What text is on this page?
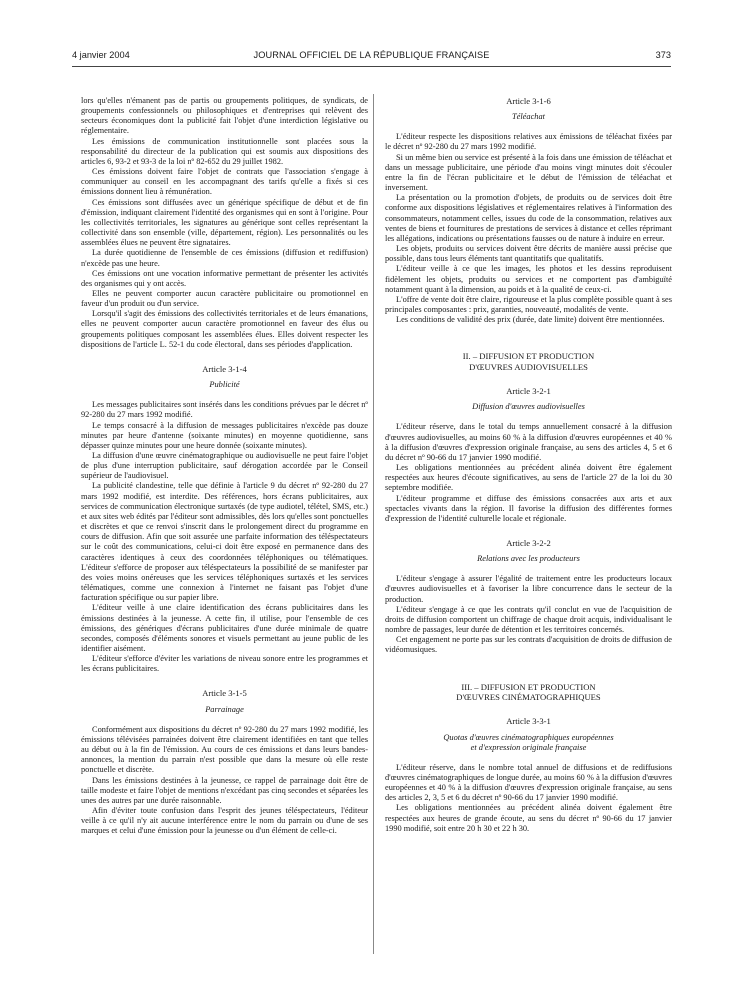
4 janvier 2004	JOURNAL OFFICIEL DE LA RÉPUBLIQUE FRANÇAISE	373

lors qu'elles n'émanent pas de partis ou groupements politiques, de syndicats, de groupements confessionnels ou philosophiques et d'entreprises qui relèvent des secteurs économiques dont la publicité fait l'objet d'une interdiction législative ou réglementaire.

Les émissions de communication institutionnelle sont placées sous la responsabilité du directeur de la publication qui est soumis aux dispositions des articles 6, 93-2 et 93-3 de la loi nº 82-652 du 29 juillet 1982.

Ces émissions doivent faire l'objet de contrats que l'association s'engage à communiquer au conseil en les accompagnant des tarifs qu'elle a fixés si ces émissions donnent lieu à rémunération.

Ces émissions sont diffusées avec un générique spécifique de début et de fin d'émission, indiquant clairement l'identité des organismes qui en sont à l'origine. Pour les collectivités territoriales, les signatures au générique sont celles représentant la collectivité dans son ensemble (ville, département, région). Les personnalités ou les assemblées élues ne peuvent être signataires.

La durée quotidienne de l'ensemble de ces émissions (diffusion et rediffusion) n'excède pas une heure.

Ces émissions ont une vocation informative permettant de présenter les activités des organismes qui y ont accès.

Elles ne peuvent comporter aucun caractère publicitaire ou promotionnel en faveur d'un produit ou d'un service.

Lorsqu'il s'agit des émissions des collectivités territoriales et de leurs émanations, elles ne peuvent comporter aucun caractère promotionnel en faveur des élus ou groupements politiques composant les assemblées élues. Elles doivent respecter les dispositions de l'article L. 52-1 du code électoral, dans ses périodes d'application.

Article 3-1-4
Publicité

Les messages publicitaires sont insérés dans les conditions prévues par le décret nº 92-280 du 27 mars 1992 modifié.

Le temps consacré à la diffusion de messages publicitaires n'excède pas douze minutes par heure d'antenne (soixante minutes) en moyenne quotidienne, sans dépasser quinze minutes pour une heure donnée (soixante minutes).

La diffusion d'une œuvre cinématographique ou audiovisuelle ne peut faire l'objet de plus d'une interruption publicitaire, sauf dérogation accordée par le Conseil supérieur de l'audiovisuel.

La publicité clandestine, telle que définie à l'article 9 du décret nº 92-280 du 27 mars 1992 modifié, est interdite. Des références, hors écrans publicitaires, aux services de communication électronique surtaxés (de type audiotel, télétel, SMS, etc.) et aux sites web édités par l'éditeur sont admissibles, dès lors qu'elles sont ponctuelles et discrètes et que ce renvoi s'inscrit dans le prolongement direct du programme en cours de diffusion. Afin que soit assurée une parfaite information des téléspectateurs sur le coût des communications, celui-ci doit être exposé en permanence dans des caractères identiques à ceux des coordonnées téléphoniques ou télématiques. L'éditeur s'efforce de proposer aux téléspectateurs la possibilité de se manifester par des voies moins onéreuses que les services téléphoniques surtaxés et les services télématiques, comme une connexion à l'internet ne faisant pas l'objet d'une facturation spécifique ou sur papier libre.

L'éditeur veille à une claire identification des écrans publicitaires dans les émissions destinées à la jeunesse. A cette fin, il utilise, pour l'ensemble de ces émissions, des génériques d'écrans publicitaires d'une durée minimale de quatre secondes, composés d'éléments sonores et visuels permettant au jeune public de les identifier aisément.

L'éditeur s'efforce d'éviter les variations de niveau sonore entre les programmes et les écrans publicitaires.

Article 3-1-5
Parrainage

Conformément aux dispositions du décret nº 92-280 du 27 mars 1992 modifié, les émissions télévisées parrainées doivent être clairement identifiées en tant que telles au début ou à la fin de l'émission. Au cours de ces émissions et dans leurs bandes-annonces, la mention du parrain n'est possible que dans la mesure où elle reste ponctuelle et discrète.

Dans les émissions destinées à la jeunesse, ce rappel de parrainage doit être de taille modeste et faire l'objet de mentions n'excédant pas cinq secondes et séparées les unes des autres par une durée raisonnable.

Afin d'éviter toute confusion dans l'esprit des jeunes téléspectateurs, l'éditeur veille à ce qu'il n'y ait aucune interférence entre le nom du parrain ou d'une de ses marques et celui d'une émission pour la jeunesse ou d'un élément de celle-ci.

Article 3-1-6
Téléachat

L'éditeur respecte les dispositions relatives aux émissions de téléachat fixées par le décret nº 92-280 du 27 mars 1992 modifié.

Si un même bien ou service est présenté à la fois dans une émission de téléachat et dans un message publicitaire, une période d'au moins vingt minutes doit s'écouler entre la fin de l'écran publicitaire et le début de l'émission de téléachat et inversement.

La présentation ou la promotion d'objets, de produits ou de services doit être conforme aux dispositions législatives et réglementaires relatives à l'information des consommateurs, notamment celles, issues du code de la consommation, relatives aux ventes de biens et fournitures de prestations de services à distance et celles réprimant les allégations, indications ou présentations fausses ou de nature à induire en erreur.

Les objets, produits ou services doivent être décrits de manière aussi précise que possible, dans tous leurs éléments tant quantitatifs que qualitatifs.

L'éditeur veille à ce que les images, les photos et les dessins reproduisent fidèlement les objets, produits ou services et ne comportent pas d'ambiguïté notamment quant à la dimension, au poids et à la qualité de ceux-ci.

L'offre de vente doit être claire, rigoureuse et la plus complète possible quant à ses principales composantes : prix, garanties, nouveauté, modalités de vente.

Les conditions de validité des prix (durée, date limite) doivent être mentionnées.

II. – DIFFUSION ET PRODUCTION
D'ŒUVRES AUDIOVISUELLES
Article 3-2-1
Diffusion d'œuvres audiovisuelles

L'éditeur réserve, dans le total du temps annuellement consacré à la diffusion d'œuvres audiovisuelles, au moins 60 % à la diffusion d'œuvres européennes et 40 % à la diffusion d'œuvres d'expression originale française, au sens des articles 4, 5 et 6 du décret nº 90-66 du 17 janvier 1990 modifié.

Les obligations mentionnées au précédent alinéa doivent être également respectées aux heures d'écoute significatives, au sens de l'article 27 de la loi du 30 septembre modifiée.

L'éditeur programme et diffuse des émissions consacrées aux arts et aux spectacles vivants dans la région. Il favorise la diffusion des différentes formes d'expression de l'identité culturelle locale et régionale.

Article 3-2-2
Relations avec les producteurs

L'éditeur s'engage à assurer l'égalité de traitement entre les producteurs locaux d'œuvres audiovisuelles et à favoriser la libre concurrence dans le secteur de la production.

L'éditeur s'engage à ce que les contrats qu'il conclut en vue de l'acquisition de droits de diffusion comportent un chiffrage de chaque droit acquis, individualisant le nombre de passages, leur durée de détention et les territoires concernés.

Cet engagement ne porte pas sur les contrats d'acquisition de droits de diffusion de vidéomusiques.

III. – DIFFUSION ET PRODUCTION
D'ŒUVRES CINÉMATOGRAPHIQUES
Article 3-3-1
Quotas d'œuvres cinématographiques européennes
et d'expression originale française

L'éditeur réserve, dans le nombre total annuel de diffusions et de rediffusions d'œuvres cinématographiques de longue durée, au moins 60 % à la diffusion d'œuvres européennes et 40 % à la diffusion d'œuvres d'expression originale française, au sens des articles 2, 3, 5 et 6 du décret nº 90-66 du 17 janvier 1990 modifié.

Les obligations mentionnées au précédent alinéa doivent également être respectées aux heures de grande écoute, au sens du décret nº 90-66 du 17 janvier 1990 modifié, soit entre 20 h 30 et 22 h 30.
